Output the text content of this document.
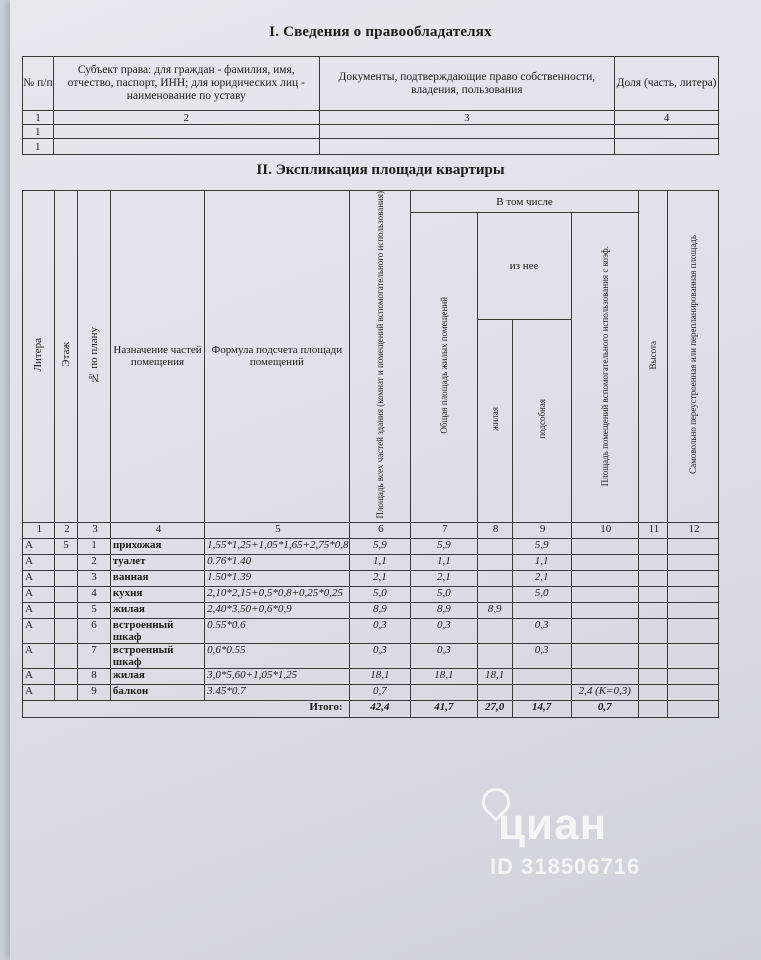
I. Сведения о правообладателях
№ п/п	Субъект права: для граждан - фамилия, имя, отчество, паспорт, ИНН; для юридических лиц - наименование по уставу	Документы, подтверждающие право собственности, владения, пользования	Доля (часть, литера)
1	2	3	4
1			
1			
II. Экспликация площади квартиры
Литера	Этаж	№ по плану	Назначение частей помещения	Формула подсчета площади помещений	Площадь всех частей здания (комнат и помещений вспомогательного использования)	В том числе				Высота	Самовольно переустроенная или перепланированная площадь
						Общая площадь жилых помещений	из нее		Площадь помещений вспомогательного использования с коэф.		
							жилая	подсобная			
1	2	3	4	5	6	7	8	9	10	11	12
А	5	1	прихожая	1,55*1,25+1,05*1,65+2,75*0,8	5,9	5,9		5,9			
А		2	туалет	0.76*1.40	1,1	1,1		1,1			
А		3	ванная	1.50*1.39	2,1	2,1		2,1			
А		4	кухня	2,10*2,15+0,5*0,8+0,25*0,25	5,0	5,0		5,0			
А		5	жилая	2,40*3,50+0,6*0,9	8,9	8,9	8,9				
А		6	встроенный шкаф	0.55*0.6	0,3	0,3		0,3			
А		7	встроенный шкаф	0,6*0.55	0,3	0,3		0,3			
А		8	жилая	3,0*5,60+1,05*1,25	18,1	18,1	18,1				
А		9	балкон	3.45*0.7	0,7				2,4 (К=0,3)		
Итого:					42,4	41,7	27,0	14,7	0,7		
циан
ID 318506716
